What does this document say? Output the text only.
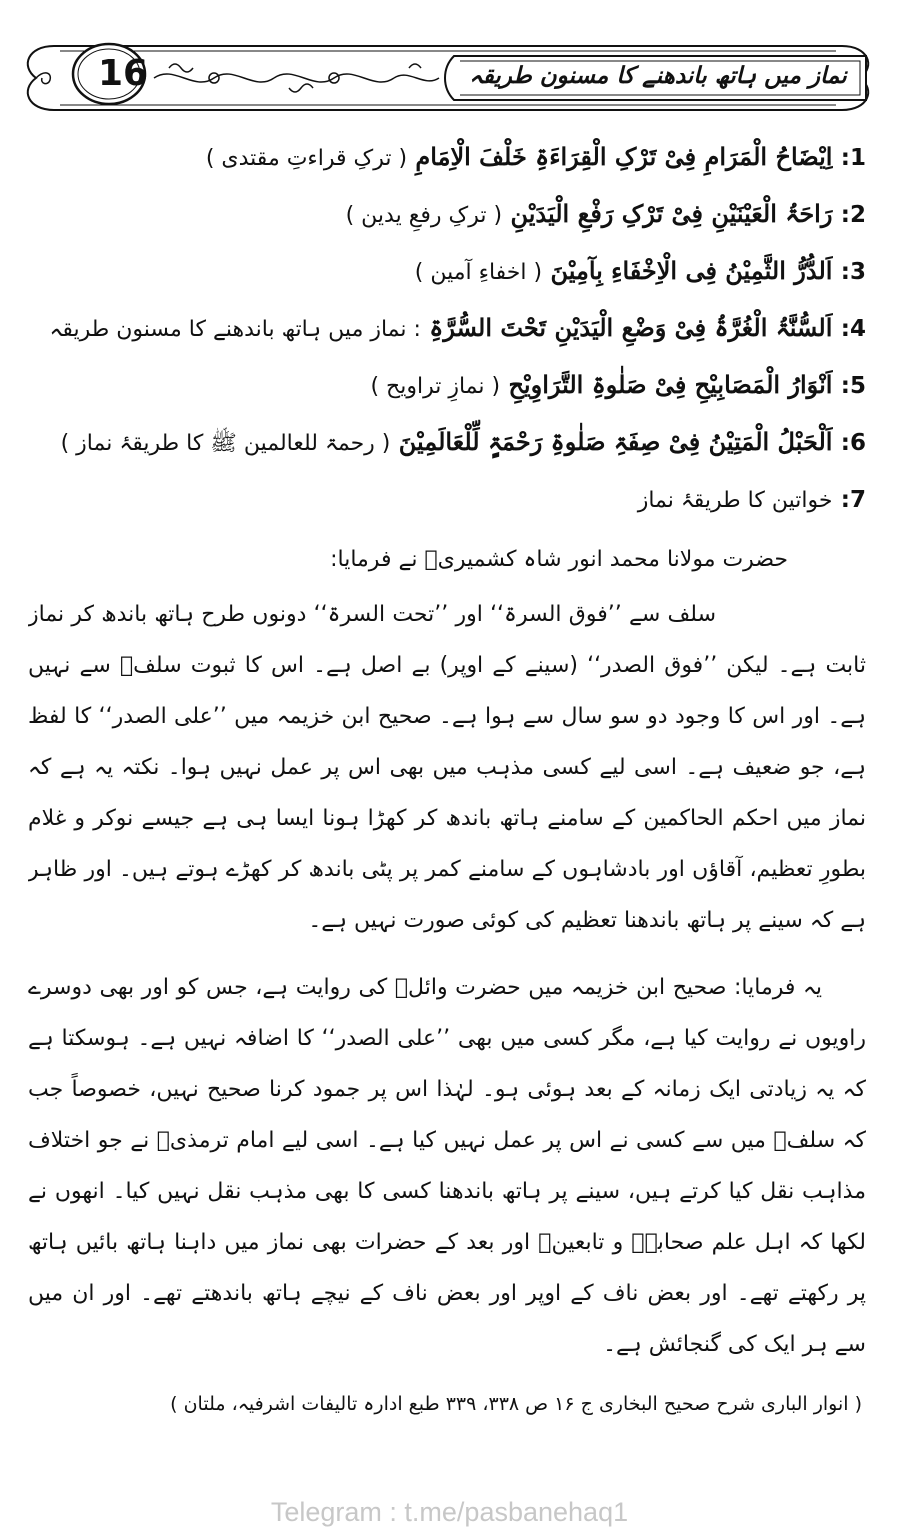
16	نماز میں ہاتھ باندھنے کا مسنون طریقہ
1: اِیْضَاحُ الْمَرَامِ فِیْ تَرْکِ الْقِرَاءَۃِ خَلْفَ الْاِمَامِ ( ترکِ قراءتِ مقتدی )
2: رَاحَۃُ الْعَیْنَیْنِ فِیْ تَرْکِ رَفْعِ الْیَدَیْنِ ( ترکِ رفعِ یدین )
3: اَلدُّرُّ الثَّمِیْنُ فِی الْاِخْفَاءِ بِآمِیْنَ ( اخفاءِ آمین )
4: اَلسُّنَّۃُ الْغُرَّۃُ فِیْ وَضْعِ الْیَدَیْنِ تَحْتَ السُّرَّۃِ : نماز میں ہاتھ باندھنے کا مسنون طریقہ
5: اَنْوَارُ الْمَصَابِیْحِ فِیْ صَلٰوۃِ التَّرَاوِیْحِ ( نمازِ تراویح )
6: اَلْحَبْلُ الْمَتِیْنُ فِیْ صِفَۃِ صَلٰوۃِ رَحْمَۃٍ لِّلْعَالَمِیْنَ ( رحمۃ للعالمین ﷺ کا طریقۂ نماز )
7: خواتین کا طریقۂ نماز
حضرت مولانا محمد انور شاہ کشمیریؒ نے فرمایا:

سلف سے ’’فوق السرۃ‘‘ اور ’’تحت السرۃ‘‘ دونوں طرح ہاتھ باندھ کر نماز ثابت ہے۔ لیکن ’’فوق الصدر‘‘ (سینے کے اوپر) بے اصل ہے۔ اس کا ثبوت سلفؒ سے نہیں ہے۔ اور اس کا وجود دو سو سال سے ہوا ہے۔ صحیح ابن خزیمہ میں ’’علی الصدر‘‘ کا لفظ ہے، جو ضعیف ہے۔ اسی لیے کسی مذہب میں بھی اس پر عمل نہیں ہوا۔ نکتہ یہ ہے کہ نماز میں احکم الحاکمین کے سامنے ہاتھ باندھ کر کھڑا ہونا ایسا ہی ہے جیسے نوکر و غلام بطورِ تعظیم، آقاؤں اور بادشاہوں کے سامنے کمر پر پٹی باندھ کر کھڑے ہوتے ہیں۔ اور ظاہر ہے کہ سینے پر ہاتھ باندھنا تعظیم کی کوئی صورت نہیں ہے۔

یہ فرمایا: صحیح ابن خزیمہ میں حضرت وائلؓ کی روایت ہے، جس کو اور بھی دوسرے راویوں نے روایت کیا ہے، مگر کسی میں بھی ’’علی الصدر‘‘ کا اضافہ نہیں ہے۔ ہوسکتا ہے کہ یہ زیادتی ایک زمانہ کے بعد ہوئی ہو۔ لہٰذا اس پر جمود کرنا صحیح نہیں، خصوصاً جب کہ سلفؒ میں سے کسی نے اس پر عمل نہیں کیا ہے۔ اسی لیے امام ترمذیؒ نے جو اختلاف مذاہب نقل کیا کرتے ہیں، سینے پر ہاتھ باندھنا کسی کا بھی مذہب نقل نہیں کیا۔ انھوں نے لکھا کہ اہل علم صحابہؓ و تابعینؒ اور بعد کے حضرات بھی نماز میں داہنا ہاتھ بائیں ہاتھ پر رکھتے تھے۔ اور بعض ناف کے اوپر اور بعض ناف کے نیچے ہاتھ باندھتے تھے۔ اور ان میں سے ہر ایک کی گنجائش ہے۔

( انوار الباری شرح صحیح البخاری ج ۱۶ ص ۳۳۸، ۳۳۹ طبع ادارہ تالیفات اشرفیہ، ملتان )
Telegram : t.me/pasbanehaq1
